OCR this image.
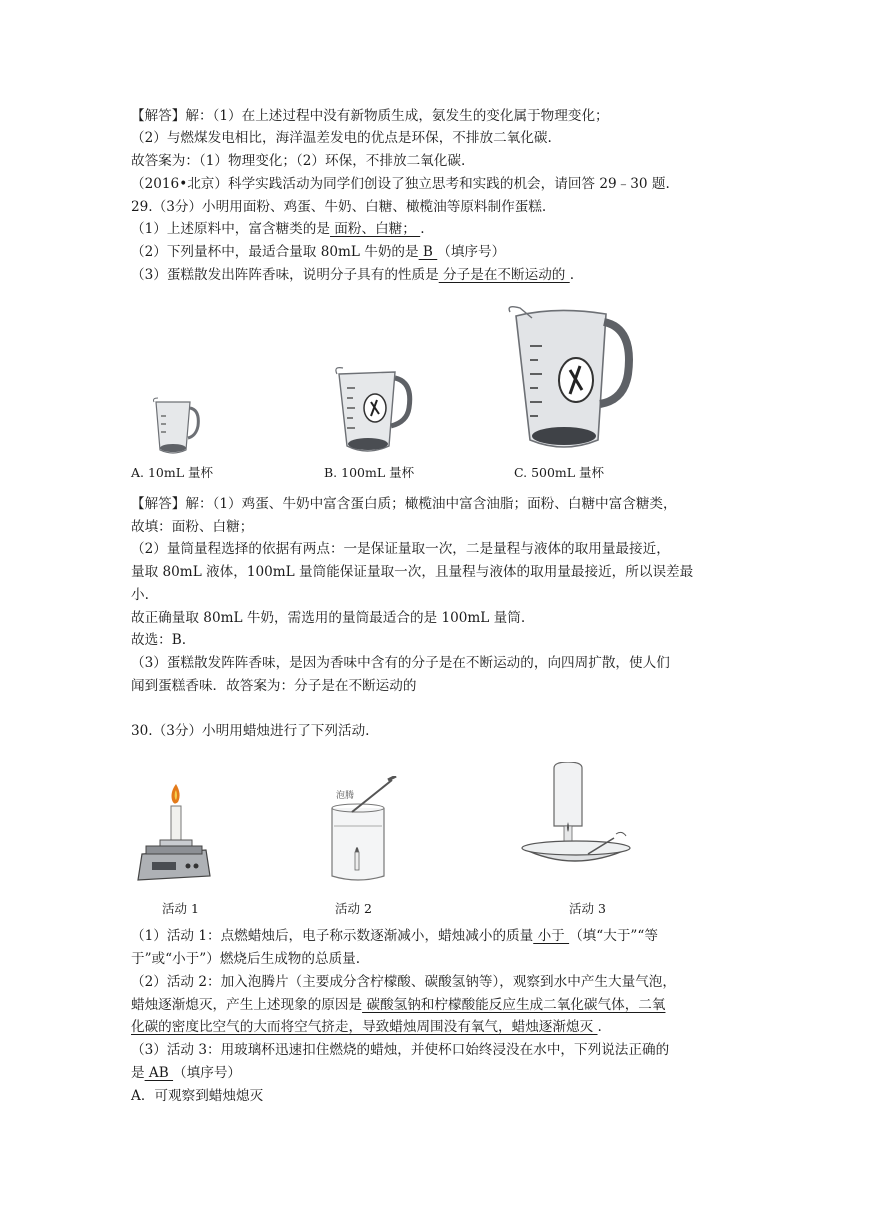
【解答】解：（1）在上述过程中没有新物质生成，氨发生的变化属于物理变化；
（2）与燃煤发电相比，海洋温差发电的优点是环保，不排放二氧化碳.
故答案为：（1）物理变化；（2）环保，不排放二氧化碳.
（2016•北京）科学实践活动为同学们创设了独立思考和实践的机会，请回答 29﹣30 题.
29.（3分）小明用面粉、鸡蛋、牛奶、白糖、橄榄油等原料制作蛋糕.
（1）上述原料中，富含糖类的是 面粉、白糖； .
（2）下列量杯中，最适合量取 80mL 牛奶的是 B （填序号）
（3）蛋糕散发出阵阵香味，说明分子具有的性质是 分子是在不断运动的 .
A. 10mL 量杯	B. 100mL 量杯	C. 500mL 量杯
【解答】解：（1）鸡蛋、牛奶中富含蛋白质；橄榄油中富含油脂；面粉、白糖中富含糖类，
故填：面粉、白糖；
（2）量筒量程选择的依据有两点：一是保证量取一次，二是量程与液体的取用量最接近，
量取 80mL 液体，100mL 量筒能保证量取一次，且量程与液体的取用量最接近，所以误差最
小.
故正确量取 80mL 牛奶，需选用的量筒最适合的是 100mL 量筒.
故选：B.
（3）蛋糕散发阵阵香味，是因为香味中含有的分子是在不断运动的，向四周扩散，使人们
闻到蛋糕香味．故答案为：分子是在不断运动的
30.（3分）小明用蜡烛进行了下列活动.
泡腾
活动 1	活动 2	活动 3
（1）活动 1：点燃蜡烛后，电子称示数逐渐减小，蜡烛减小的质量 小于 （填“大于”“等
于”或“小于”）燃烧后生成物的总质量.
（2）活动 2：加入泡腾片（主要成分含柠檬酸、碳酸氢钠等），观察到水中产生大量气泡，
蜡烛逐渐熄灭，产生上述现象的原因是 碳酸氢钠和柠檬酸能反应生成二氧化碳气体，二氧
化碳的密度比空气的大而将空气挤走，导致蜡烛周围没有氧气，蜡烛逐渐熄灭 .
（3）活动 3：用玻璃杯迅速扣住燃烧的蜡烛，并使杯口始终浸没在水中，下列说法正确的
是 AB （填序号）
A．可观察到蜡烛熄灭
